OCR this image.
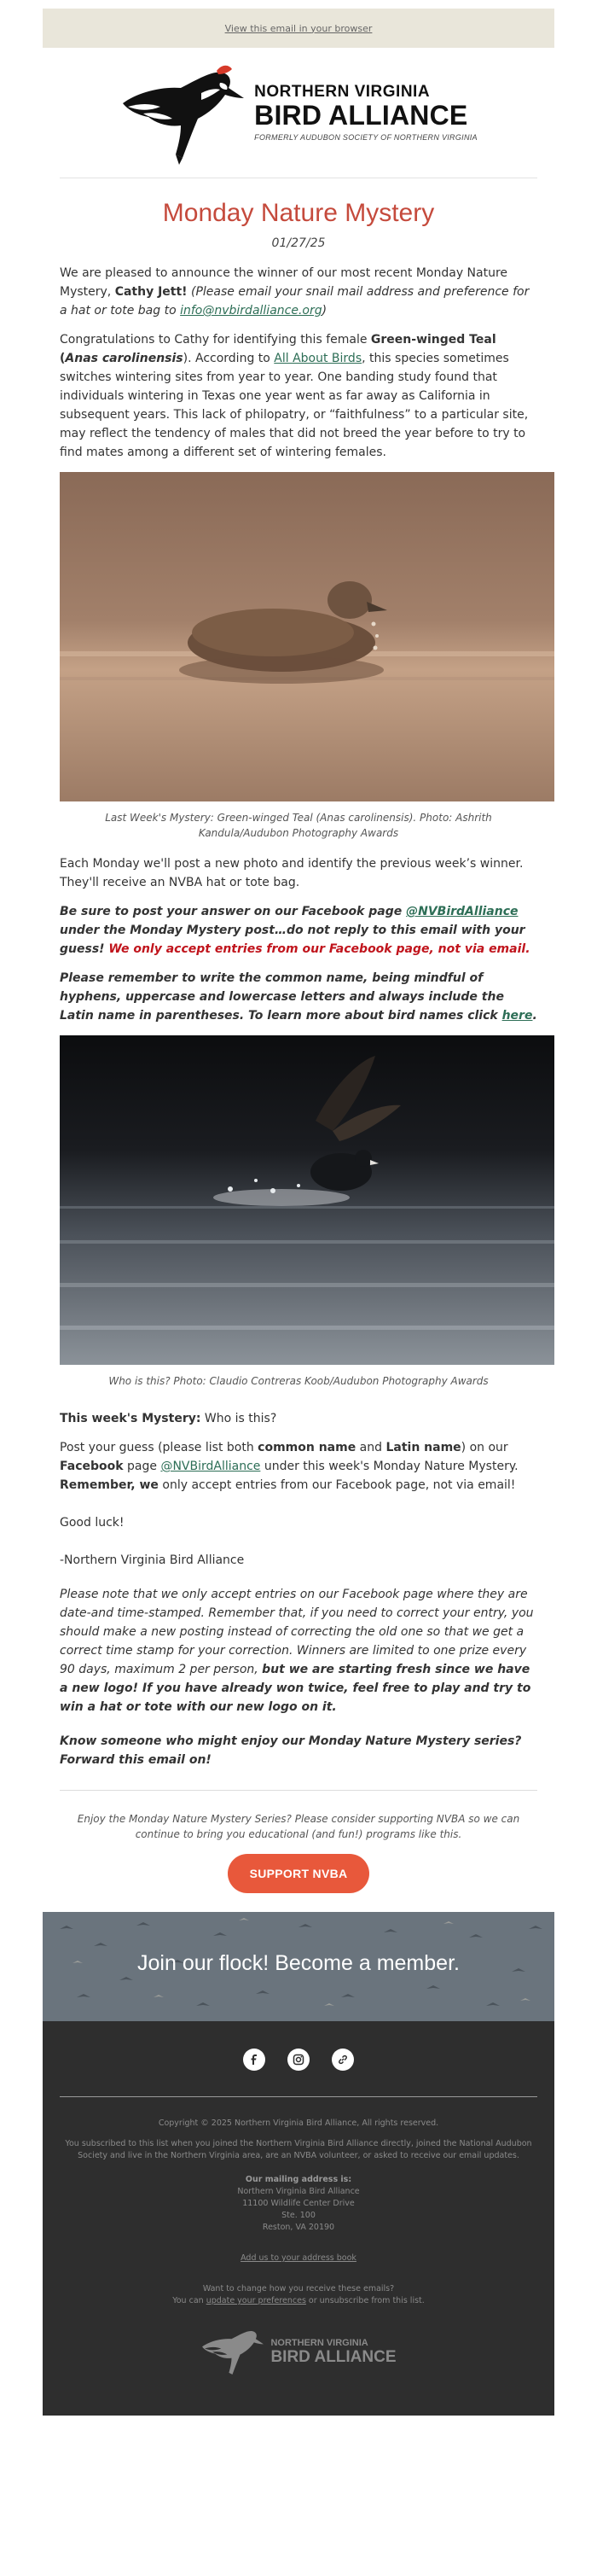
View this email in your browser
NORTHERN VIRGINIA
BIRD ALLIANCE
FORMERLY AUDUBON SOCIETY OF NORTHERN VIRGINIA
Monday Nature Mystery
01/27/25

We are pleased to announce the winner of our most recent Monday Nature Mystery, Cathy Jett! (Please email your snail mail address and preference for a hat or tote bag to info@nvbirdalliance.org)

Congratulations to Cathy for identifying this female Green-winged Teal (Anas carolinensis). According to All About Birds, this species sometimes switches wintering sites from year to year. One banding study found that individuals wintering in Texas one year went as far away as California in subsequent years. This lack of philopatry, or “faithfulness” to a particular site, may reflect the tendency of males that did not breed the year before to try to find mates among a different set of wintering females.

Last Week's Mystery: Green-winged Teal (Anas carolinensis). Photo: Ashrith Kandula/Audubon Photography Awards

Each Monday we'll post a new photo and identify the previous week’s winner. They'll receive an NVBA hat or tote bag.

Be sure to post your answer on our Facebook page @NVBirdAlliance under the Monday Mystery post…do not reply to this email with your guess! We only accept entries from our Facebook page, not via email.

Please remember to write the common name, being mindful of hyphens, uppercase and lowercase letters and always include the Latin name in parentheses. To learn more about bird names click here.

Who is this? Photo: Claudio Contreras Koob/Audubon Photography Awards

This week's Mystery: Who is this?

Post your guess (please list both common name and Latin name) on our Facebook page @NVBirdAlliance under this week's Monday Nature Mystery. Remember, we only accept entries from our Facebook page, not via email!

Good luck!

-Northern Virginia Bird Alliance

Please note that we only accept entries on our Facebook page where they are date-and time-stamped. Remember that, if you need to correct your entry, you should make a new posting instead of correcting the old one so that we get a correct time stamp for your correction. Winners are limited to one prize every 90 days, maximum 2 per person, but we are starting fresh since we have a new logo! If you have already won twice, feel free to play and try to win a hat or tote with our new logo on it.

Know someone who might enjoy our Monday Nature Mystery series? Forward this email on!

Enjoy the Monday Nature Mystery Series? Please consider supporting NVBA so we can continue to bring you educational (and fun!) programs like this.
SUPPORT NVBA
Join our flock! Become a member.

Copyright © 2025 Northern Virginia Bird Alliance, All rights reserved.

You subscribed to this list when you joined the Northern Virginia Bird Alliance directly, joined the National Audubon Society and live in the Northern Virginia area, are an NVBA volunteer, or asked to receive our email updates.

Our mailing address is:

Northern Virginia Bird Alliance

11100 Wildlife Center Drive

Ste. 100

Reston, VA 20190

Add us to your address book

Want to change how you receive these emails?

You can update your preferences or unsubscribe from this list.

NORTHERN VIRGINIA
BIRD ALLIANCE
